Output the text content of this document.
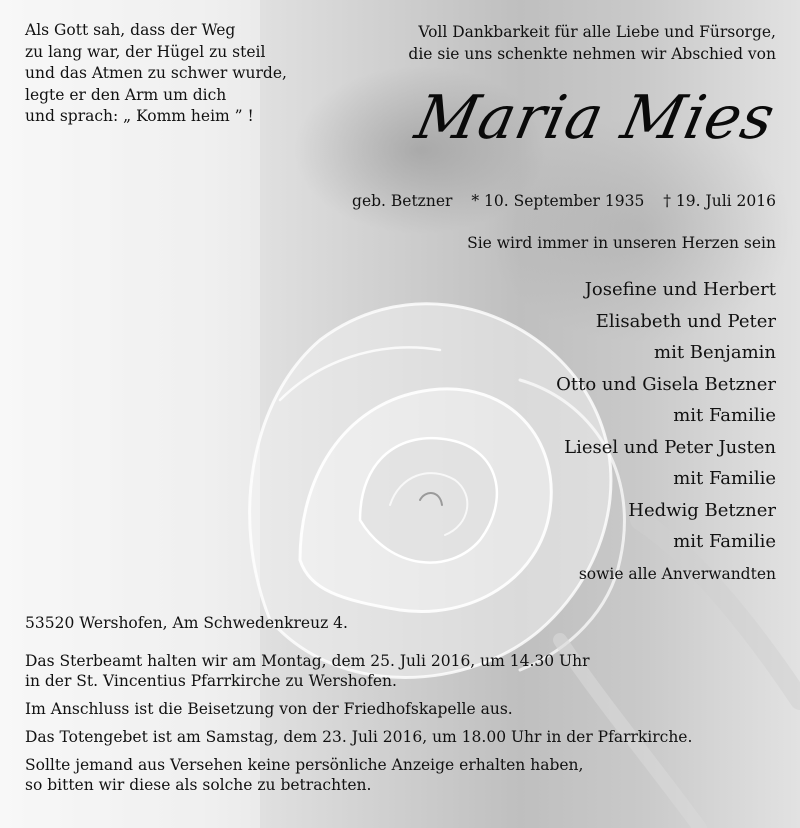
Als Gott sah, dass der Weg
zu lang war, der Hügel zu steil
und das Atmen zu schwer wurde,
legte er den Arm um dich
und sprach: „ Komm heim ” !
Voll Dankbarkeit für alle Liebe und Fürsorge,
die sie uns schenkte nehmen wir Abschied von
Maria Mies
geb. Betzner * 10. September 1935 † 19. Juli 2016
Sie wird immer in unseren Herzen sein
Josefine und Herbert
Elisabeth und Peter
mit Benjamin
Otto und Gisela Betzner
mit Familie
Liesel und Peter Justen
mit Familie
Hedwig Betzner
mit Familie
sowie alle Anverwandten
53520 Wershofen, Am Schwedenkreuz 4.

Das Sterbeamt halten wir am Montag, dem 25. Juli 2016, um 14.30 Uhr
in der St. Vincentius Pfarrkirche zu Wershofen.

Im Anschluss ist die Beisetzung von der Friedhofskapelle aus.

Das Totengebet ist am Samstag, dem 23. Juli 2016, um 18.00 Uhr in der Pfarrkirche.

Sollte jemand aus Versehen keine persönliche Anzeige erhalten haben,
so bitten wir diese als solche zu betrachten.
